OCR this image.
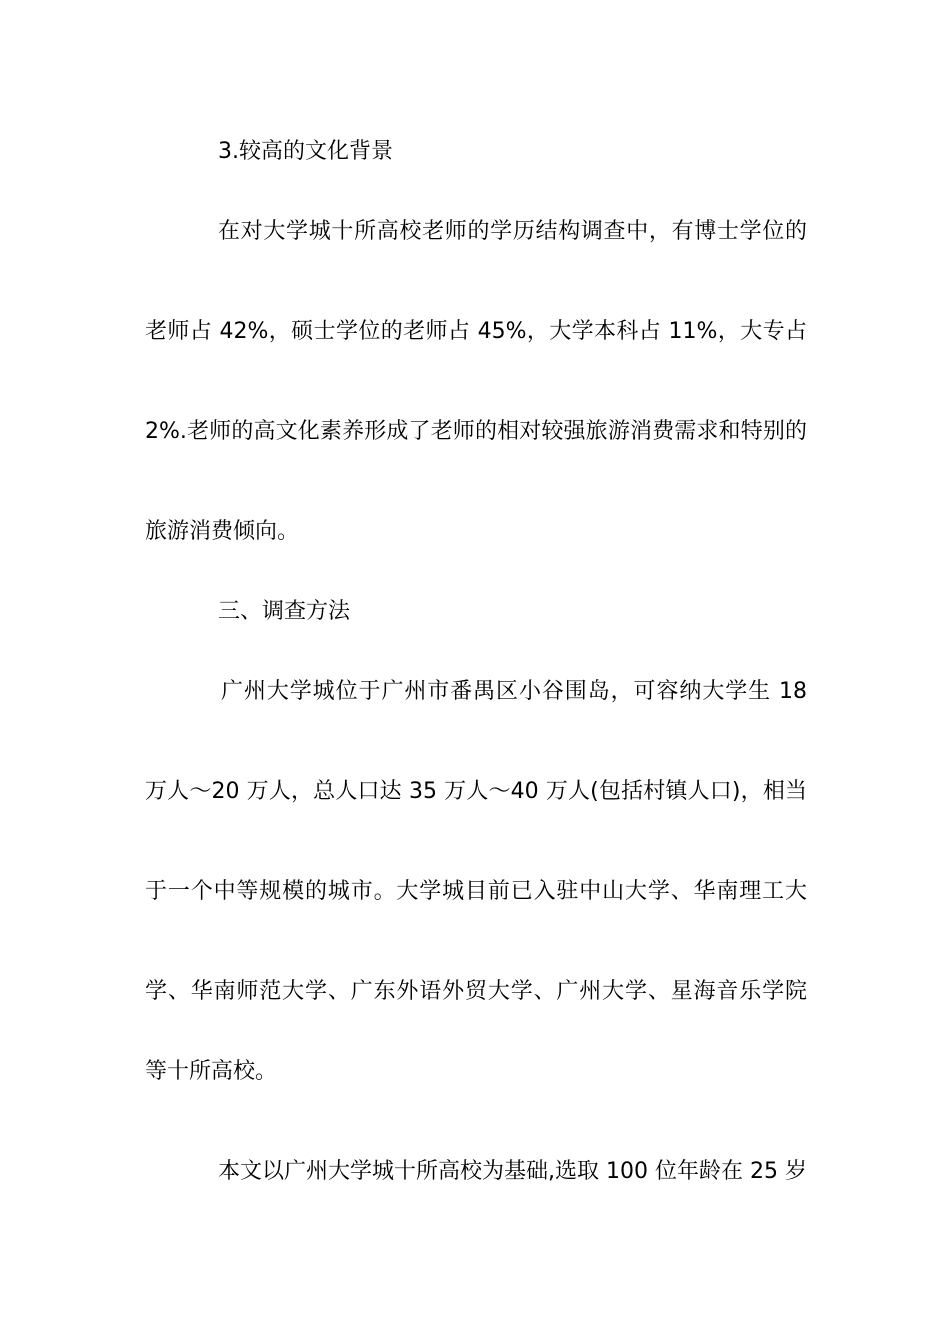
3.较高的文化背景
在对大学城十所高校老师的学历结构调查中，有博士学位的
老师占 42%，硕士学位的老师占 45%，大学本科占 11%，大专占
2%.老师的高文化素养形成了老师的相对较强旅游消费需求和特别的
旅游消费倾向。
三、调查方法
广州大学城位于广州市番禺区小谷围岛，可容纳大学生 18
万人～20 万人，总人口达 35 万人～40 万人(包括村镇人口)，相当
于一个中等规模的城市。大学城目前已入驻中山大学、华南理工大
学、华南师范大学、广东外语外贸大学、广州大学、星海音乐学院
等十所高校。
本文以广州大学城十所高校为基础,选取 100 位年龄在 25 岁
